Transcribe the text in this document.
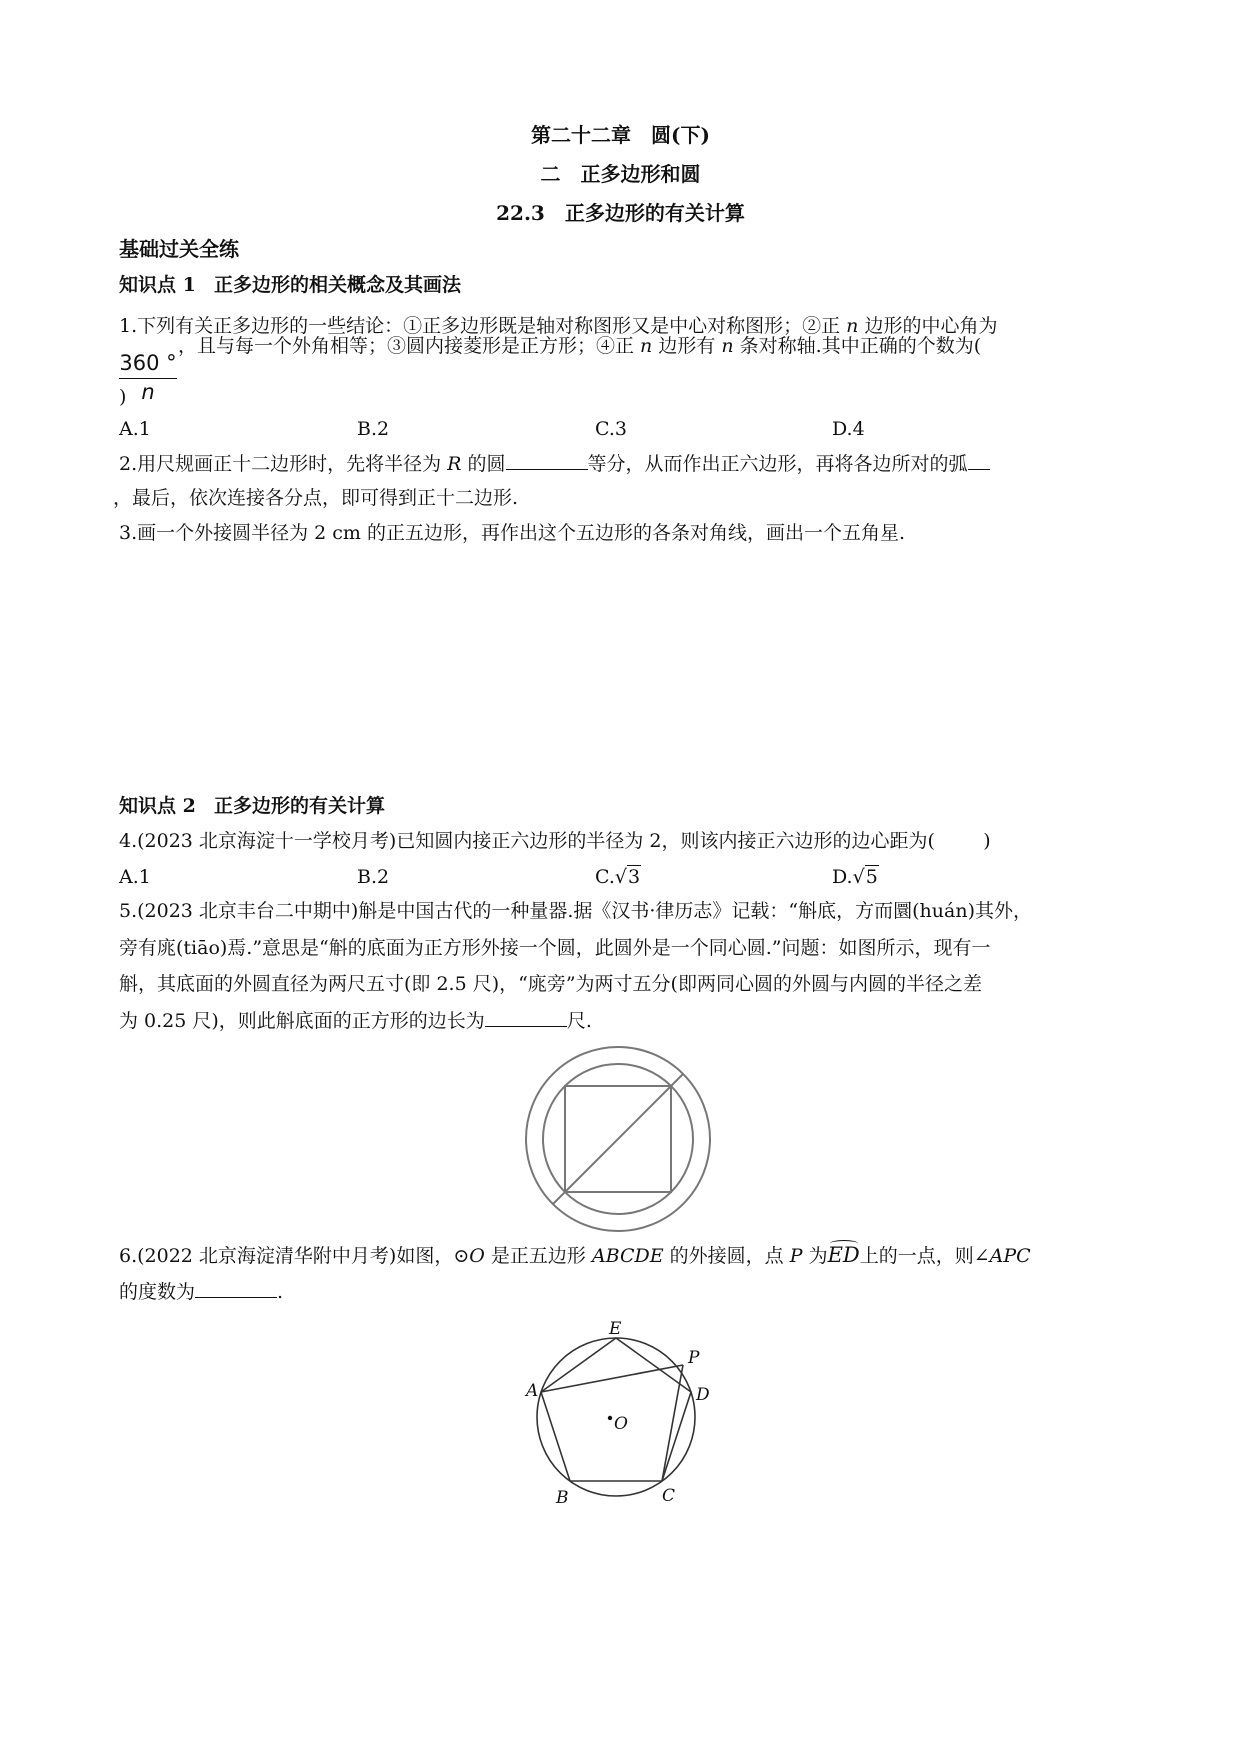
第二十二章　圆(下)
二　正多边形和圆
22.3　正多边形的有关计算
基础过关全练
知识点 1 正多边形的相关概念及其画法
1.下列有关正多边形的一些结论：①正多边形既是轴对称图形又是中心对称图形；②正 n 边形的中心角为
$\frac{360 ^\circ}{n}$
，且与每一个外角相等；③圆内接菱形是正方形；④正 n 边形有 n 条对称轴.其中正确的个数为(
)
A.1	B.2	C.3	D.4
2.用尺规画正十二边形时，先将半径为 R 的圆	等分，从而作出正六边形，再将各边所对的弧
，最后，依次连接各分点，即可得到正十二边形.
3.画一个外接圆半径为 2 cm 的正五边形，再作出这个五边形的各条对角线，画出一个五角星.
知识点 2 正多边形的有关计算
4.(2023 北京海淀十一学校月考)已知圆内接正六边形的半径为 2，则该内接正六边形的边心距为(	)
A.1	B.2	C.√3	D.√5
5.(2023 北京丰台二中期中)斛是中国古代的一种量器.据《汉书·律历志》记载：“斛底，方而圜(huán)其外，
旁有庣(tiāo)焉.”意思是“斛的底面为正方形外接一个圆，此圆外是一个同心圆.”问题：如图所示，现有一
斛，其底面的外圆直径为两尺五寸(即 2.5 尺)，“庣旁”为两寸五分(即两同心圆的外圆与内圆的半径之差
为 0.25 尺)，则此斛底面的正方形的边长为	尺.
6.(2022 北京海淀清华附中月考)如图，⊙O 是正五边形 ABCDE 的外接圆，点 P 为
ED上的一点，则∠APC
的度数为	.
E
P
A	D
O
B	C
